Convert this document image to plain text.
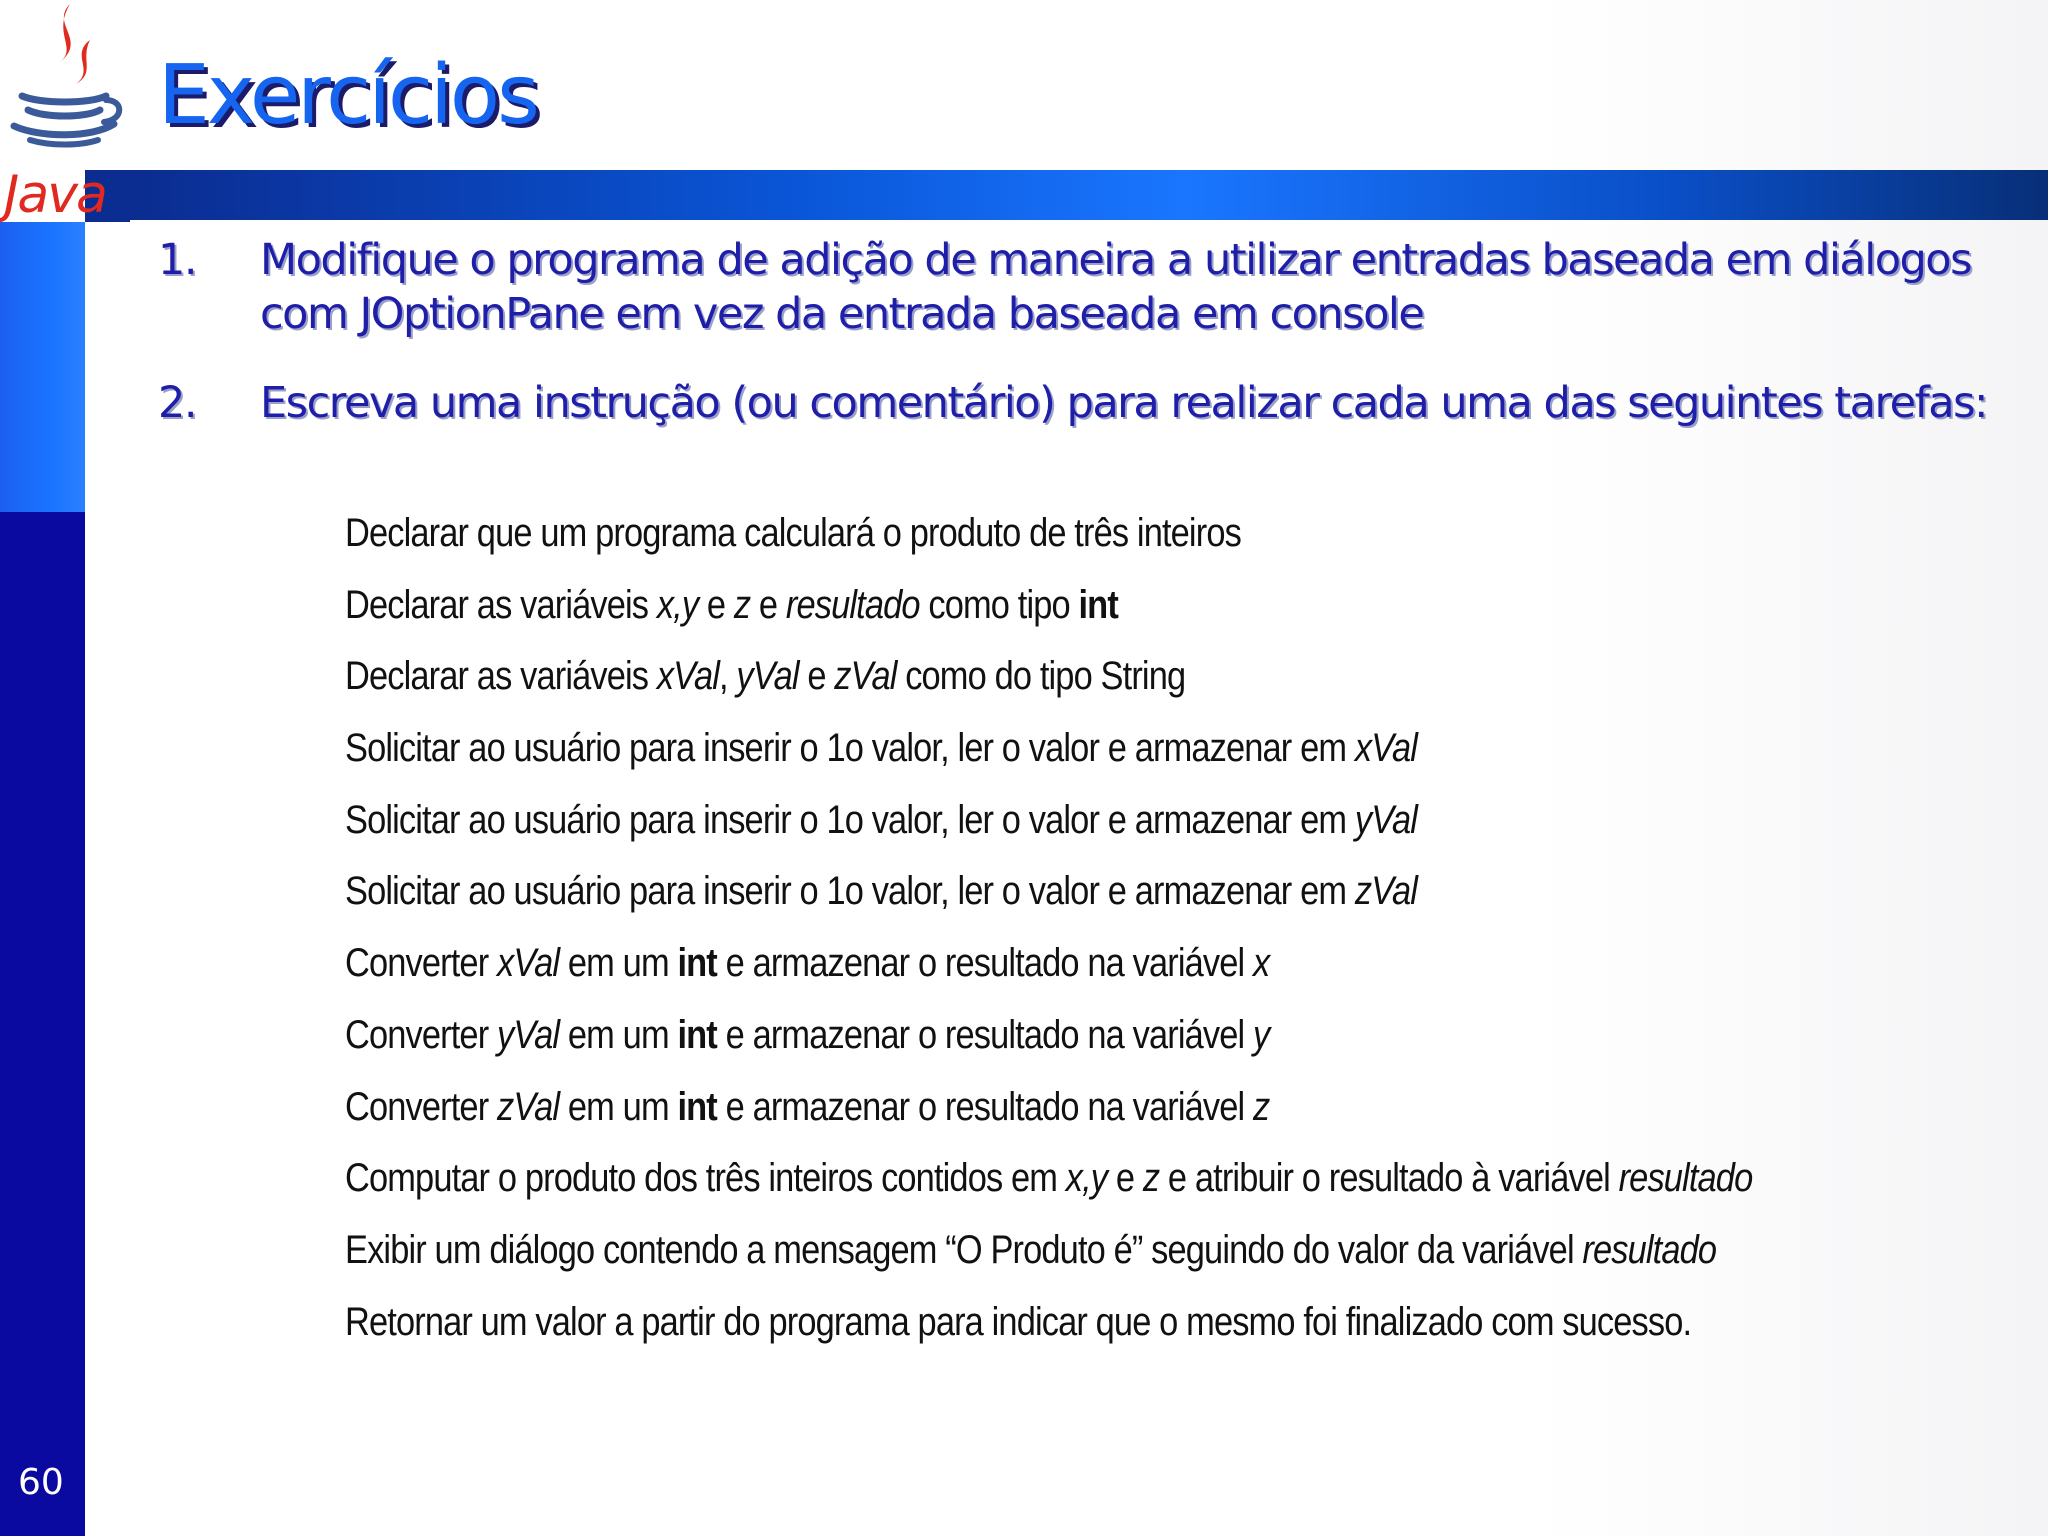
Java
Exercícios
1. Modifique o programa de adição de maneira a utilizar entradas baseada em diálogos com JOptionPane em vez da entrada baseada em console
2. Escreva uma instrução (ou comentário) para realizar cada uma das seguintes tarefas:
Declarar que um programa calculará o produto de três inteiros
Declarar as variáveis x,y e z e resultado como tipo int
Declarar as variáveis xVal, yVal e zVal como do tipo String
Solicitar ao usuário para inserir o 1o valor, ler o valor e armazenar em xVal
Solicitar ao usuário para inserir o 1o valor, ler o valor e armazenar em yVal
Solicitar ao usuário para inserir o 1o valor, ler o valor e armazenar em zVal
Converter xVal em um int e armazenar o resultado na variável x
Converter yVal em um int e armazenar o resultado na variável y
Converter zVal em um int e armazenar o resultado na variável z
Computar o produto dos três inteiros contidos em x,y e z e atribuir o resultado à variável resultado
Exibir um diálogo contendo a mensagem “O Produto é” seguindo do valor da variável resultado
Retornar um valor a partir do programa para indicar que o mesmo foi finalizado com sucesso.
60
